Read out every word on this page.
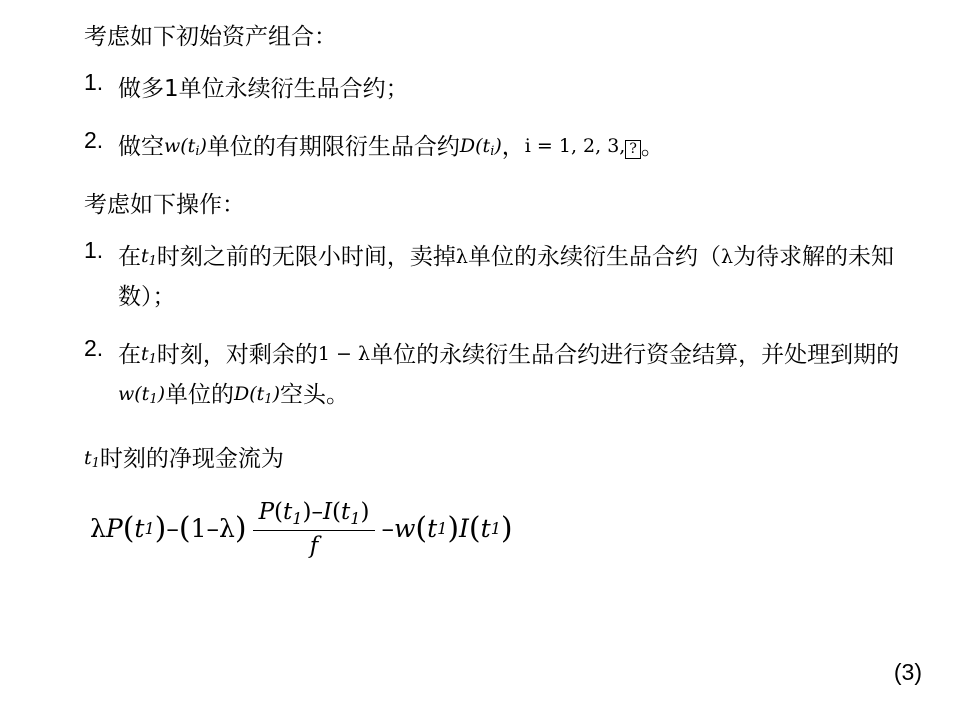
考虑如下初始资产组合：
1. 做多1单位永续衍生品合约；
2. 做空$w(t_i)$单位的有期限衍生品合约$D(t_i)$，i = 1, 2, 3, ? 。
考虑如下操作：
1. 在$t_1$时刻之前的无限小时间，卖掉λ单位的永续衍生品合约（λ为待求解的未知数）；
2. 在$t_1$时刻，对剩余的1 − λ单位的永续衍生品合约进行资金结算，并处理到期的$w(t_1)$单位的$D(t_1)$空头。
$t_1$时刻的净现金流为
λ P ( t 1 ) – ( 1 – λ ) $\frac{P(t_1)-I(t_1)}{f}$ – w ( t 1 ) I ( t 1 )
(3)
